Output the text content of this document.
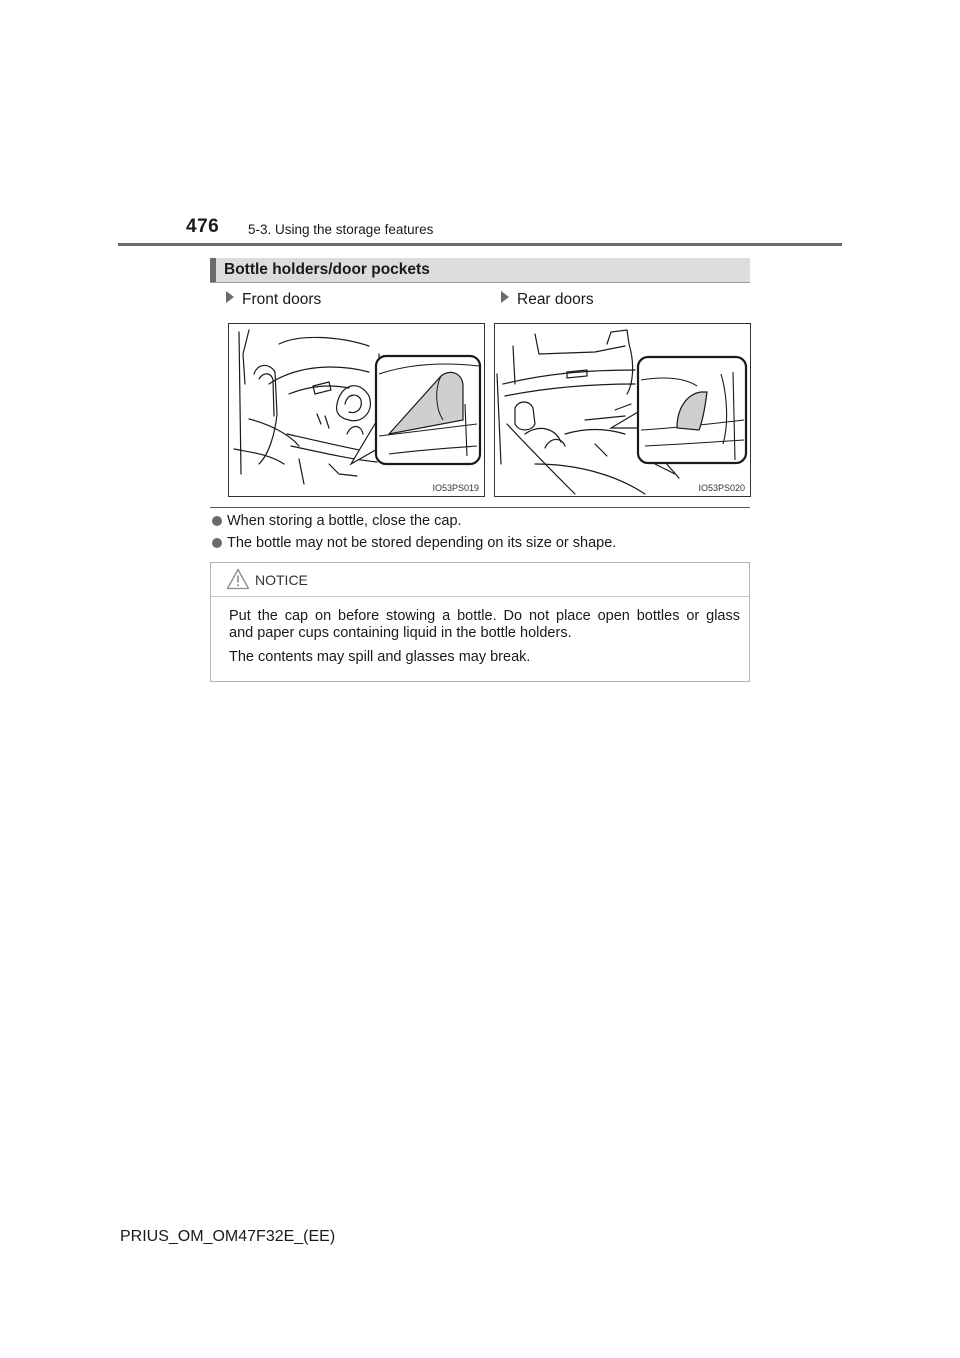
476 5-3. Using the storage features
Bottle holders/door pockets
Front doors	Rear doors
IO53PS019	IO53PS020
When storing a bottle, close the cap.
The bottle may not be stored depending on its size or shape.
NOTICE
Put the cap on before stowing a bottle. Do not place open bottles or glass
and paper cups containing liquid in the bottle holders.
The contents may spill and glasses may break.
PRIUS_OM_OM47F32E_(EE)
